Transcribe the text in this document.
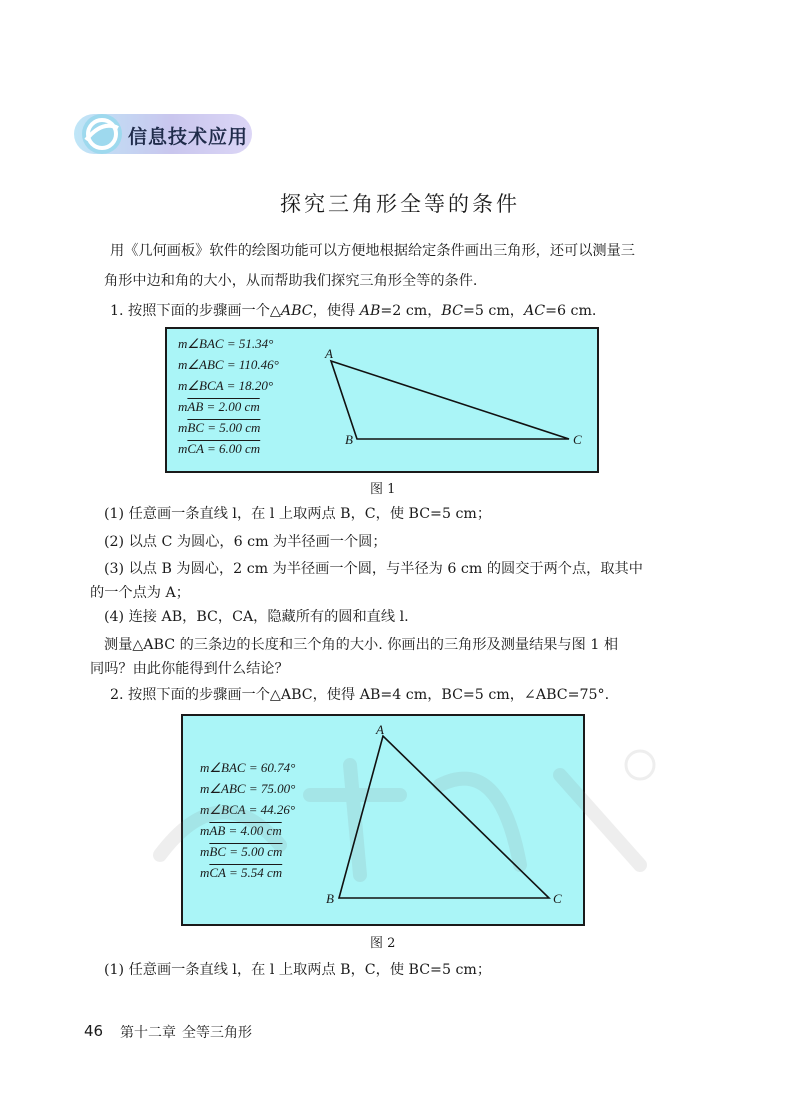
信息技术应用
探究三角形全等的条件
用《几何画板》软件的绘图功能可以方便地根据给定条件画出三角形，还可以测量三
角形中边和角的大小，从而帮助我们探究三角形全等的条件.
1. 按照下面的步骤画一个△ABC，使得 AB=2 cm，BC=5 cm，AC=6 cm.
m∠BAC = 51.34°
m∠ABC = 110.46°
m∠BCA = 18.20°
mAB = 2.00 cm
mBC = 5.00 cm
mCA = 6.00 cm
A
B	C
图 1
(1) 任意画一条直线 l，在 l 上取两点 B，C，使 BC=5 cm；
(2) 以点 C 为圆心，6 cm 为半径画一个圆；
(3) 以点 B 为圆心，2 cm 为半径画一个圆，与半径为 6 cm 的圆交于两个点，取其中
的一个点为 A；
(4) 连接 AB，BC，CA，隐藏所有的圆和直线 l.
测量△ABC 的三条边的长度和三个角的大小. 你画出的三角形及测量结果与图 1 相
同吗？由此你能得到什么结论？
2. 按照下面的步骤画一个△ABC，使得 AB=4 cm，BC=5 cm，∠ABC=75°.
m∠BAC = 60.74°
m∠ABC = 75.00°
m∠BCA = 44.26°
mAB = 4.00 cm
mBC = 5.00 cm
mCA = 5.54 cm
A
B	C
图 2
(1) 任意画一条直线 l，在 l 上取两点 B，C，使 BC=5 cm；
46 第十二章 全等三角形
